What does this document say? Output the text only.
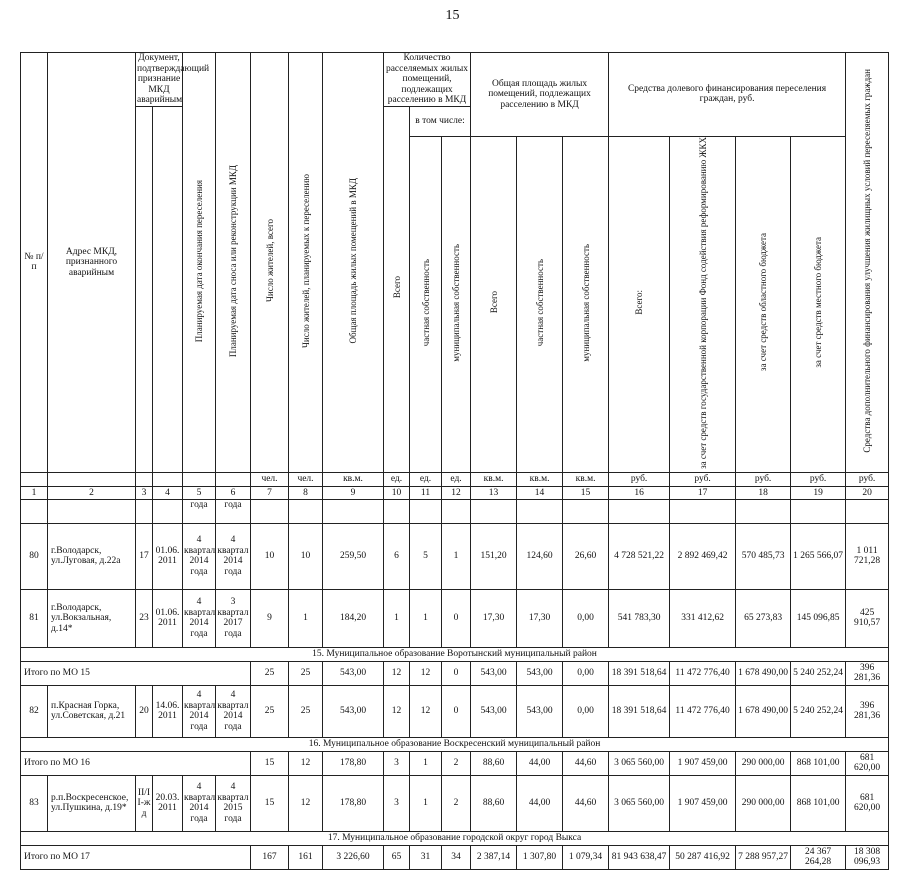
15
№ п/п	Адрес МКД, признанного аварийным	Документ, подтверждающий признание МКД аварийным		Планируемая дата окончания переселения	Планируемая дата сноса или реконструкции МКД	Число жителей, всего	Число жителей, планируемых к переселению	Общая площадь жилых помещений в МКД	Количество расселяемых жилых помещений, подлежащих расселению в МКД			Общая площадь жилых помещений, подлежащих расселению в МКД			Средства долевого финансирования переселения граждан, руб.				Средства дополнительного финансирования улучшения жилищных условий переселяемых граждан
									Всего	в том числе:									
										частная собственность	муниципальная собственность	Всего	частная собственность	муниципальная собственность	Всего:	за счет средств государственной корпорации Фонд содействия реформированию ЖКХ	за счет средств областного бюджета	за счет средств местного бюджета	
						чел.	чел.	кв.м.	ед.	ед.	ед.	кв.м.	кв.м.	кв.м.	руб.	руб.	руб.	руб.	руб.
1	2	3	4	5	6	7	8	9	10	11	12	13	14	15	16	17	18	19	20
				года	года														
80	г.Володарск, ул.Луговая, д.22а	17	01.06. 2011	4 квартал 2014 года	4 квартал 2014 года	10	10	259,50	6	5	1	151,20	124,60	26,60	4 728 521,22	2 892 469,42	570 485,73	1 265 566,07	1 011 721,28
81	г.Володарск, ул.Вокзальная, д.14*	23	01.06. 2011	4 квартал 2014 года	3 квартал 2017 года	9	1	184,20	1	1	0	17,30	17,30	0,00	541 783,30	331 412,62	65 273,83	145 096,85	425 910,57
15. Муниципальное образование Воротынский муниципальный район																			
Итого по МО 15						25	25	543,00	12	12	0	543,00	543,00	0,00	18 391 518,64	11 472 776,40	1 678 490,00	5 240 252,24	396 281,36
82	п.Красная Горка, ул.Советская, д.21	20	14.06. 2011	4 квартал 2014 года	4 квартал 2014 года	25	25	543,00	12	12	0	543,00	543,00	0,00	18 391 518,64	11 472 776,40	1 678 490,00	5 240 252,24	396 281,36
16. Муниципальное образование Воскресенский муниципальный район																			
Итого по МО 16						15	12	178,80	3	1	2	88,60	44,00	44,60	3 065 560,00	1 907 459,00	290 000,00	868 101,00	681 620,00
83	р.п.Воскресенское, ул.Пушкина, д.19*	II/I I-ж д	20.03. 2011	4 квартал 2014 года	4 квартал 2015 года	15	12	178,80	3	1	2	88,60	44,00	44,60	3 065 560,00	1 907 459,00	290 000,00	868 101,00	681 620,00
17. Муниципальное образование городской округ город Выкса																			
Итого по МО 17						167	161	3 226,60	65	31	34	2 387,14	1 307,80	1 079,34	81 943 638,47	50 287 416,92	7 288 957,27	24 367 264,28	18 308 096,93
